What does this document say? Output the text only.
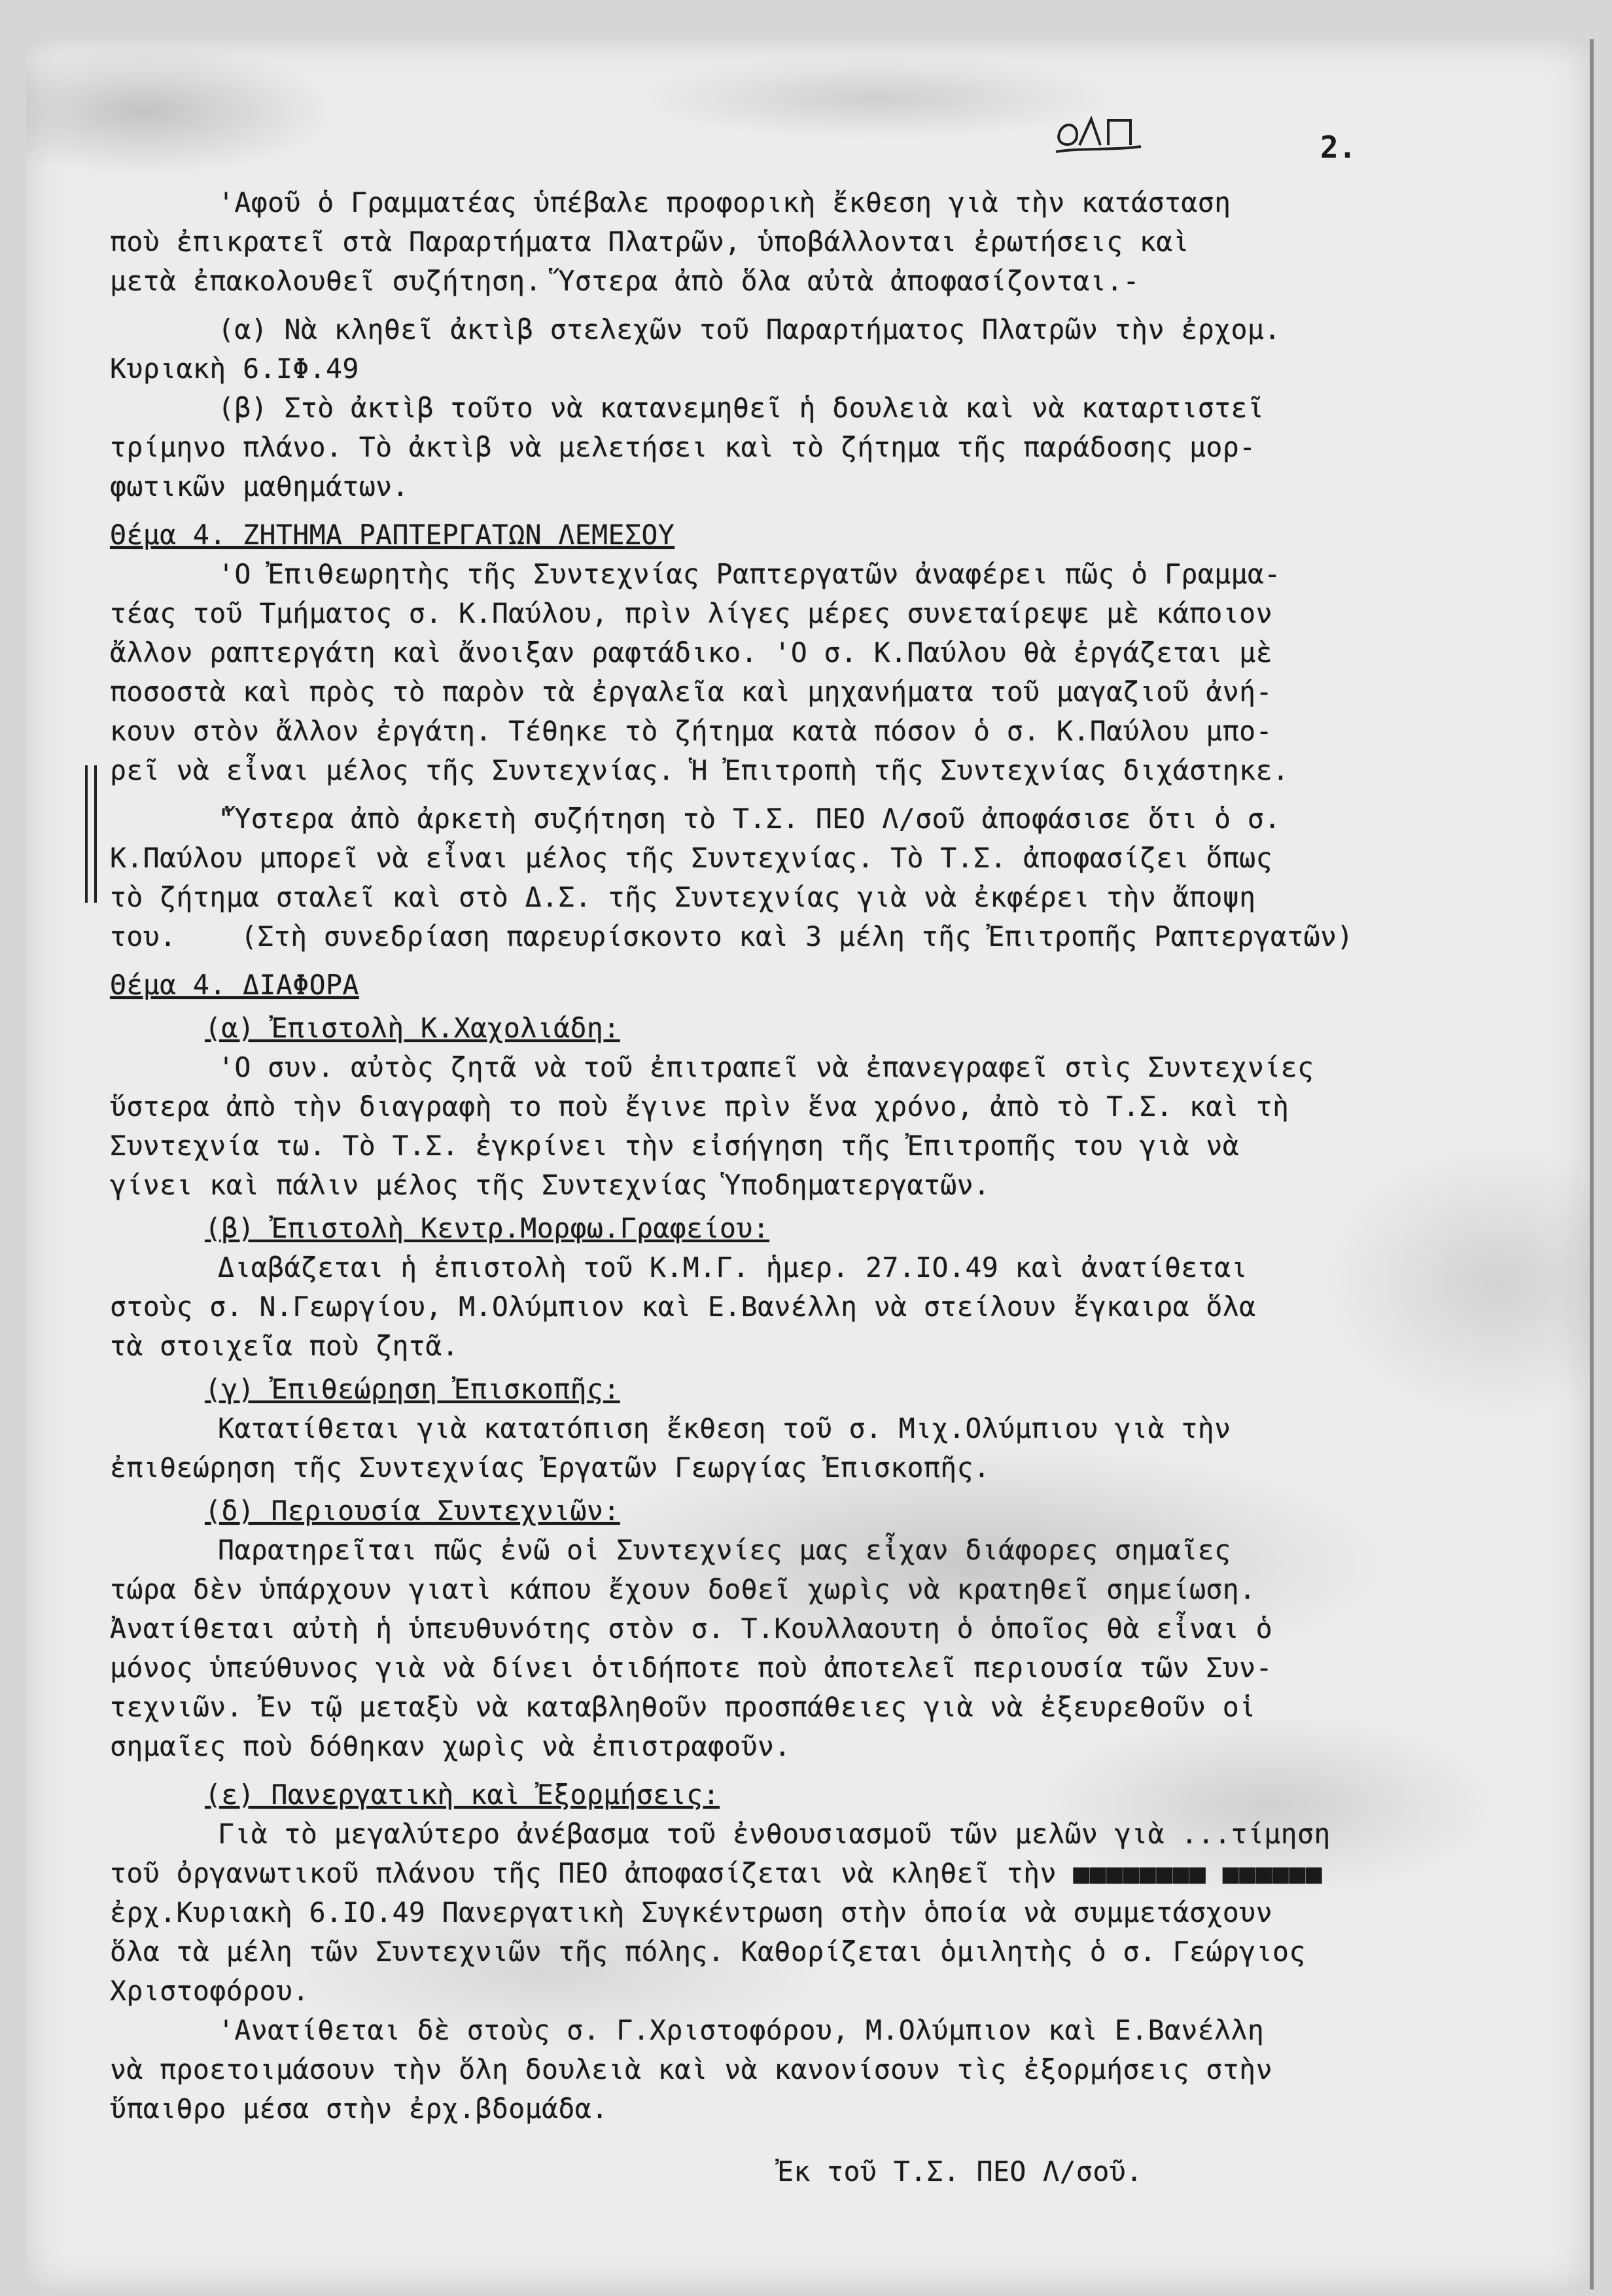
2.

'Αφοῦ ὁ Γραμματέας ὑπέβαλε προφορικὴ ἔκθεση γιὰ τὴν κατάσταση
ποὺ ἐπικρατεῖ στὰ Παραρτήματα Πλατρῶν, ὑποβάλλονται ἐρωτήσεις καὶ
μετὰ ἐπακολουθεῖ συζήτηση. Ὕστερα ἀπὸ ὅλα αὐτὰ ἀποφασίζονται.-

(α) Νὰ κληθεῖ ἀκτὶβ στελεχῶν τοῦ Παραρτήματος Πλατρῶν τὴν ἐρχομ.

Κυριακὴ 6.ΙΦ.49

(β) Στὸ ἀκτὶβ τοῦτο νὰ κατανεμηθεῖ ἡ δουλειὰ καὶ νὰ καταρτιστεῖ

τρίμηνο πλάνο. Τὸ ἀκτὶβ νὰ μελετήσει καὶ τὸ ζήτημα τῆς παράδοσης μορ-
φωτικῶν μαθημάτων.

Θέμα 4. ΖΗΤΗΜΑ ΡΑΠΤΕΡΓΑΤΩΝ ΛΕΜΕΣΟΥ

'Ο Ἐπιθεωρητὴς τῆς Συντεχνίας Ραπτεργατῶν ἀναφέρει πῶς ὁ Γραμμα-
τέας τοῦ Τμήματος σ. Κ.Παύλου, πρὶν λίγες μέρες συνεταίρεψε μὲ κάποιον
ἄλλον ραπτεργάτη καὶ ἄνοιξαν ραφτάδικο. 'Ο σ. Κ.Παύλου θὰ ἐργάζεται μὲ
ποσοστὰ καὶ πρὸς τὸ παρὸν τὰ ἐργαλεῖα καὶ μηχανήματα τοῦ μαγαζιοῦ ἀνή-
κουν στὸν ἄλλον ἐργάτη. Τέθηκε τὸ ζήτημα κατὰ πόσον ὁ σ. Κ.Παύλου μπο-
ρεῖ νὰ εἶναι μέλος τῆς Συντεχνίας. Ἡ Ἐπιτροπὴ τῆς Συντεχνίας διχάστηκε.

"Ὕστερα ἀπὸ ἀρκετὴ συζήτηση τὸ Τ.Σ. ΠΕΟ Λ/σοῦ ἀποφάσισε ὅτι ὁ σ.
Κ.Παύλου μπορεῖ νὰ εἶναι μέλος τῆς Συντεχνίας. Τὸ Τ.Σ. ἀποφασίζει ὅπως
τὸ ζήτημα σταλεῖ καὶ στὸ Δ.Σ. τῆς Συντεχνίας γιὰ νὰ ἐκφέρει τὴν ἄποψη
του.	(Στὴ συνεδρίαση παρευρίσκοντο καὶ 3 μέλη τῆς Ἐπιτροπῆς Ραπτεργατῶν)

Θέμα 4. ΔΙΑΦΟΡΑ

(α) Ἐπιστολὴ Κ.Χαχολιάδη:

'Ο συν. αὐτὸς ζητᾶ νὰ τοῦ ἐπιτραπεῖ νὰ ἐπανεγραφεῖ στὶς Συντεχνίες
ὕστερα ἀπὸ τὴν διαγραφὴ το ποὺ ἔγινε πρὶν ἕνα χρόνο, ἀπὸ τὸ Τ.Σ. καὶ τὴ
Συντεχνία τω. Τὸ Τ.Σ. ἐγκρίνει τὴν εἰσήγηση τῆς Ἐπιτροπῆς του γιὰ νὰ
γίνει καὶ πάλιν μέλος τῆς Συντεχνίας Ὑποδηματεργατῶν.

(β) Ἐπιστολὴ Κεντρ.Μορφω.Γραφείου:

Διαβάζεται ἡ ἐπιστολὴ τοῦ Κ.Μ.Γ. ἡμερ. 27.ΙΟ.49 καὶ ἀνατίθεται
στοὺς σ. Ν.Γεωργίου, Μ.Ολύμπιον καὶ Ε.Βανέλλη νὰ στείλουν ἔγκαιρα ὅλα
τὰ στοιχεῖα ποὺ ζητᾶ.

(γ) Ἐπιθεώρηση Ἐπισκοπῆς:

Κατατίθεται γιὰ κατατόπιση ἔκθεση τοῦ σ. Μιχ.Ολύμπιου γιὰ τὴν
ἐπιθεώρηση τῆς Συντεχνίας Ἐργατῶν Γεωργίας Ἐπισκοπῆς.

(δ) Περιουσία Συντεχνιῶν:

Παρατηρεῖται πῶς ἐνῶ οἱ Συντεχνίες μας εἶχαν διάφορες σημαῖες
τώρα δὲν ὑπάρχουν γιατὶ κάπου ἔχουν δοθεῖ χωρὶς νὰ κρατηθεῖ σημείωση.
Ἀνατίθεται αὐτὴ ἡ ὑπευθυνότης στὸν σ. Τ.Κουλλαουτη ὁ ὁποῖος θὰ εἶναι ὁ
μόνος ὑπεύθυνος γιὰ νὰ δίνει ὁτιδήποτε ποὺ ἀποτελεῖ περιουσία τῶν Συν-
τεχνιῶν. Ἐν τῷ μεταξὺ νὰ καταβληθοῦν προσπάθειες γιὰ νὰ ἐξευρεθοῦν οἱ
σημαῖες ποὺ δόθηκαν χωρὶς νὰ ἐπιστραφοῦν.

(ε) Πανεργατικὴ καὶ Ἐξορμήσεις:

Γιὰ τὸ μεγαλύτερο ἀνέβασμα τοῦ ἐνθουσιασμοῦ τῶν μελῶν γιὰ ...τίμηση
τοῦ ὀργανωτικοῦ πλάνου τῆς ΠΕΟ ἀποφασίζεται νὰ κληθεῖ τὴν ■■■■■■■■ ■■■■■■
ἐρχ.Κυριακὴ 6.ΙΟ.49 Πανεργατικὴ Συγκέντρωση στὴν ὁποία νὰ συμμετάσχουν
ὅλα τὰ μέλη τῶν Συντεχνιῶν τῆς πόλης. Καθορίζεται ὁμιλητὴς ὁ σ. Γεώργιος
Χριστοφόρου.

'Ανατίθεται δὲ στοὺς σ. Γ.Χριστοφόρου, Μ.Ολύμπιον καὶ Ε.Βανέλλη
νὰ προετοιμάσουν τὴν ὅλη δουλειὰ καὶ νὰ κανονίσουν τὶς ἐξορμήσεις στὴν
ὕπαιθρο μέσα στὴν ἐρχ.βδομάδα.

Ἐκ τοῦ Τ.Σ. ΠΕΟ Λ/σοῦ.
